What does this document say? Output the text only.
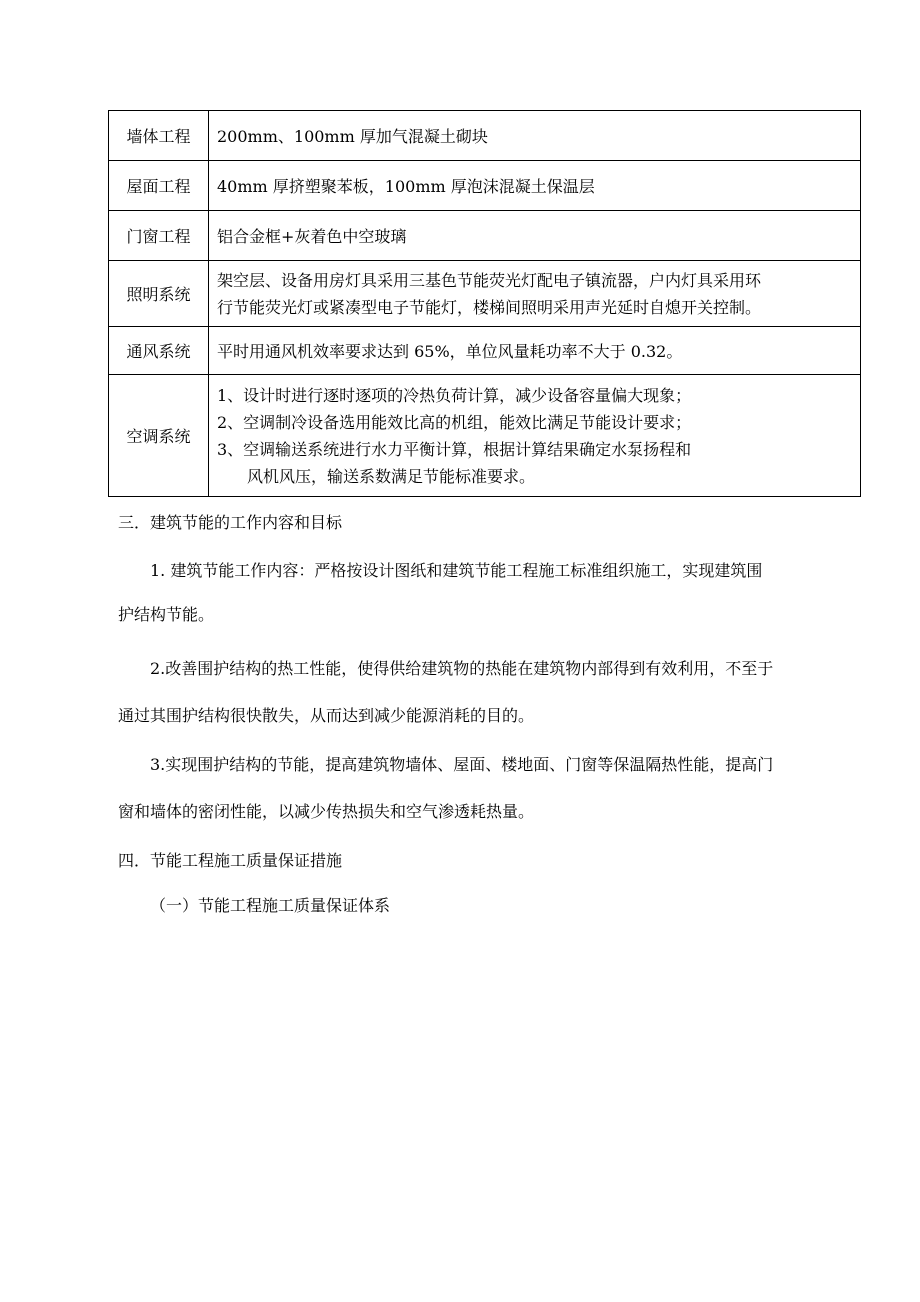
墙体工程	200mm、100mm 厚加气混凝土砌块
屋面工程	40mm 厚挤塑聚苯板，100mm 厚泡沫混凝土保温层
门窗工程	铝合金框+灰着色中空玻璃
照明系统	架空层、设备用房灯具采用三基色节能荧光灯配电子镇流器，户内灯具采用环
行节能荧光灯或紧凑型电子节能灯，楼梯间照明采用声光延时自熄开关控制。

通风系统	平时用通风机效率要求达到 65%，单位风量耗功率不大于 0.32。
空调系统	1、设计时进行逐时逐项的冷热负荷计算，减少设备容量偏大现象；
2、空调制冷设备选用能效比高的机组，能效比满足节能设计要求；
3、空调输送系统进行水力平衡计算，根据计算结果确定水泵扬程和
风机风压，输送系数满足节能标准要求。
三．建筑节能的工作内容和目标
1. 建筑节能工作内容：严格按设计图纸和建筑节能工程施工标准组织施工，实现建筑围
护结构节能。
2.改善围护结构的热工性能，使得供给建筑物的热能在建筑物内部得到有效利用，不至于
通过其围护结构很快散失，从而达到减少能源消耗的目的。
3.实现围护结构的节能，提高建筑物墙体、屋面、楼地面、门窗等保温隔热性能，提高门
窗和墙体的密闭性能，以减少传热损失和空气渗透耗热量。
四．节能工程施工质量保证措施
（一）节能工程施工质量保证体系
